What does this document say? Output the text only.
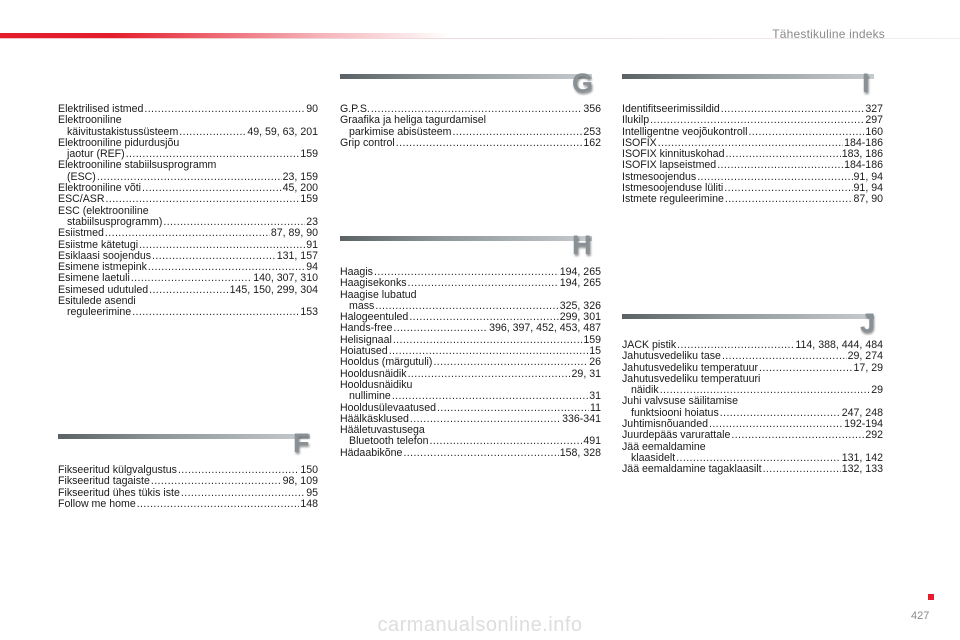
Tähestikuline indeks
Elektrilised istmed .....	90
Elektrooniline
käivitustakistussüsteem .....	49, 59, 63, 201
Elektrooniline pidurdusjõu
jaotur (REF) .....	159
Elektrooniline stabiilsusprogramm
(ESC) .....	23, 159
Elektrooniline võti .....	45, 200
ESC/ASR .....	159
ESC (elektrooniline
stabiilsusprogramm) .....	23
Esiistmed .....	87, 89, 90
Esiistme kätetugi .....	91
Esiklaasi soojendus .....	131, 157
Esimene istmepink .....	94
Esimene laetuli .....	140, 307, 310
Esimesed udutuled .....	145, 150, 299, 304
Esitulede asendi
reguleerimine .....	153
F
Fikseeritud külgvalgustus .....	150
Fikseeritud tagaiste .....	98, 109
Fikseeritud ühes tükis iste .....	95
Follow me home .....	148
G
G.P.S. .....	356
Graafika ja heliga tagurdamisel
parkimise abisüsteem .....	253
Grip control .....	162
H
Haagis .....	194, 265
Haagisekonks .....	194, 265
Haagise lubatud
mass .....	325, 326
Halogeentuled .....	299, 301
Hands-free .....	396, 397, 452, 453, 487
Helisignaal .....	159
Hoiatused .....	15
Hooldus (märgutuli) .....	26
Hooldusnäidik .....	29, 31
Hooldusnäidiku
nullimine .....	31
Hooldusülevaatused .....	11
Häälkäsklused .....	336-341
Hääletuvastusega
Bluetooth telefon .....	491
Hädaabikõne .....	158, 328
I
Identifitseerimissildid .....	327
Ilukilp .....	297
Intelligentne veojõukontroll .....	160
ISOFIX .....	184-186
ISOFIX kinnituskohad .....	183, 186
ISOFIX lapseistmed .....	184-186
Istmesoojendus .....	91, 94
Istmesoojenduse lüliti .....	91, 94
Istmete reguleerimine .....	87, 90
J
JACK pistik .....	114, 388, 444, 484
Jahutusvedeliku tase .....	29, 274
Jahutusvedeliku temperatuur .....	17, 29
Jahutusvedeliku temperatuuri
näidik .....	29
Juhi valvsuse säilitamise
funktsiooni hoiatus .....	247, 248
Juhtimisnõuanded .....	192-194
Juurdepääs varurattale .....	292
Jää eemaldamine
klaasidelt .....	131, 142
Jää eemaldamine tagaklaasilt .....	132, 133
427
carmanualsonline.info
